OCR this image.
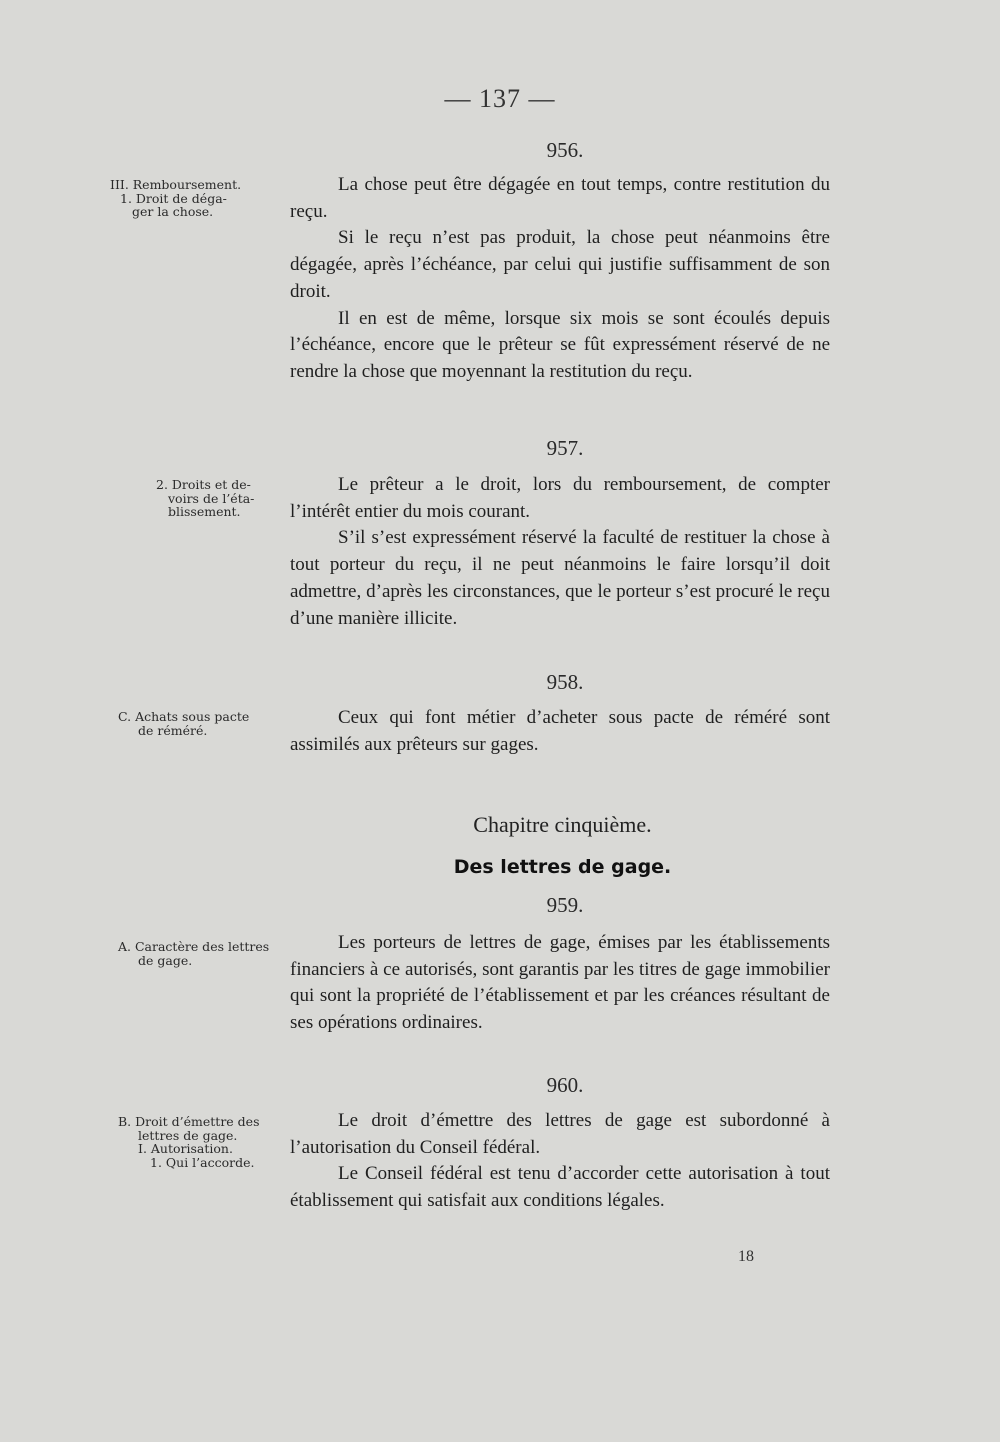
— 137 —
956.
III. Remboursement.
1. Droit de déga-
ger la chose.

La chose peut être dégagée en tout temps, contre restitution du reçu.

Si le reçu n’est pas produit, la chose peut néanmoins être dégagée, après l’échéance, par celui qui justifie suffisamment de son droit.

Il en est de même, lorsque six mois se sont écoulés depuis l’échéance, encore que le prêteur se fût expressément réservé de ne rendre la chose que moyennant la restitution du reçu.

957.
2. Droits et de-
voirs de l’éta-
blissement.

Le prêteur a le droit, lors du remboursement, de compter l’intérêt entier du mois courant.

S’il s’est expressément réservé la faculté de restituer la chose à tout porteur du reçu, il ne peut néanmoins le faire lorsqu’il doit admettre, d’après les circonstances, que le porteur s’est procuré le reçu d’une manière illicite.

958.
C. Achats sous pacte
de réméré.

Ceux qui font métier d’acheter sous pacte de réméré sont assimilés aux prêteurs sur gages.

Chapitre cinquième.
Des lettres de gage.
959.
A. Caractère des lettres
de gage.

Les porteurs de lettres de gage, émises par les établissements financiers à ce autorisés, sont garantis par les titres de gage immobilier qui sont la propriété de l’établissement et par les créances résultant de ses opérations ordinaires.

960.
B. Droit d’émettre des
lettres de gage.
I. Autorisation.
1. Qui l’accorde.

Le droit d’émettre des lettres de gage est subordonné à l’autorisation du Conseil fédéral.

Le Conseil fédéral est tenu d’accorder cette autorisation à tout établissement qui satisfait aux conditions légales.

18
